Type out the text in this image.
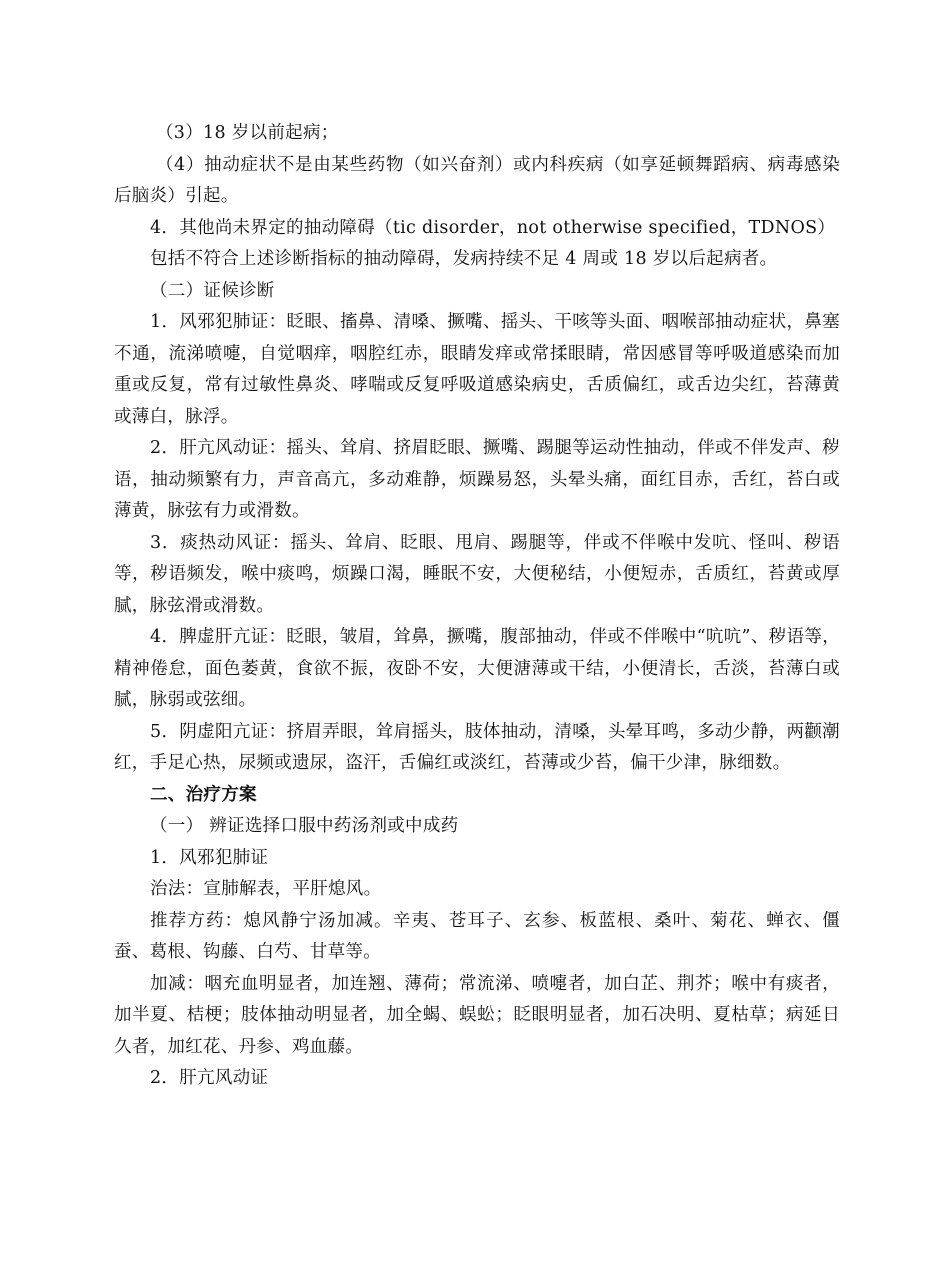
（3）18 岁以前起病；

（4）抽动症状不是由某些药物（如兴奋剂）或内科疾病（如享延顿舞蹈病、病毒感染后脑炎）引起。

4．其他尚未界定的抽动障碍（tic disorder，not otherwise specified，TDNOS）

包括不符合上述诊断指标的抽动障碍，发病持续不足 4 周或 18 岁以后起病者。

（二）证候诊断

1．风邪犯肺证：眨眼、搐鼻、清嗓、撅嘴、摇头、干咳等头面、咽喉部抽动症状，鼻塞不通，流涕喷嚏，自觉咽痒，咽腔红赤，眼睛发痒或常揉眼睛，常因感冒等呼吸道感染而加重或反复，常有过敏性鼻炎、哮喘或反复呼吸道感染病史，舌质偏红，或舌边尖红，苔薄黄或薄白，脉浮。

2．肝亢风动证：摇头、耸肩、挤眉眨眼、撅嘴、踢腿等运动性抽动，伴或不伴发声、秽语，抽动频繁有力，声音高亢，多动难静，烦躁易怒，头晕头痛，面红目赤，舌红，苔白或薄黄，脉弦有力或滑数。

3．痰热动风证：摇头、耸肩、眨眼、甩肩、踢腿等，伴或不伴喉中发吭、怪叫、秽语等，秽语频发，喉中痰鸣，烦躁口渴，睡眠不安，大便秘结，小便短赤，舌质红，苔黄或厚腻，脉弦滑或滑数。

4．脾虚肝亢证：眨眼，皱眉，耸鼻，撅嘴，腹部抽动，伴或不伴喉中“吭吭”、秽语等，精神倦怠，面色萎黄，食欲不振，夜卧不安，大便溏薄或干结，小便清长，舌淡，苔薄白或腻，脉弱或弦细。

5．阴虚阳亢证：挤眉弄眼，耸肩摇头，肢体抽动，清嗓，头晕耳鸣，多动少静，两颧潮红，手足心热，尿频或遗尿，盗汗，舌偏红或淡红，苔薄或少苔，偏干少津，脉细数。

二、治疗方案

（一） 辨证选择口服中药汤剂或中成药

1．风邪犯肺证

治法：宣肺解表，平肝熄风。

推荐方药：熄风静宁汤加减。辛夷、苍耳子、玄参、板蓝根、桑叶、菊花、蝉衣、僵蚕、葛根、钩藤、白芍、甘草等。

加减：咽充血明显者，加连翘、薄荷；常流涕、喷嚏者，加白芷、荆芥；喉中有痰者，加半夏、桔梗；肢体抽动明显者，加全蝎、蜈蚣；眨眼明显者，加石决明、夏枯草；病延日久者，加红花、丹参、鸡血藤。

2．肝亢风动证
